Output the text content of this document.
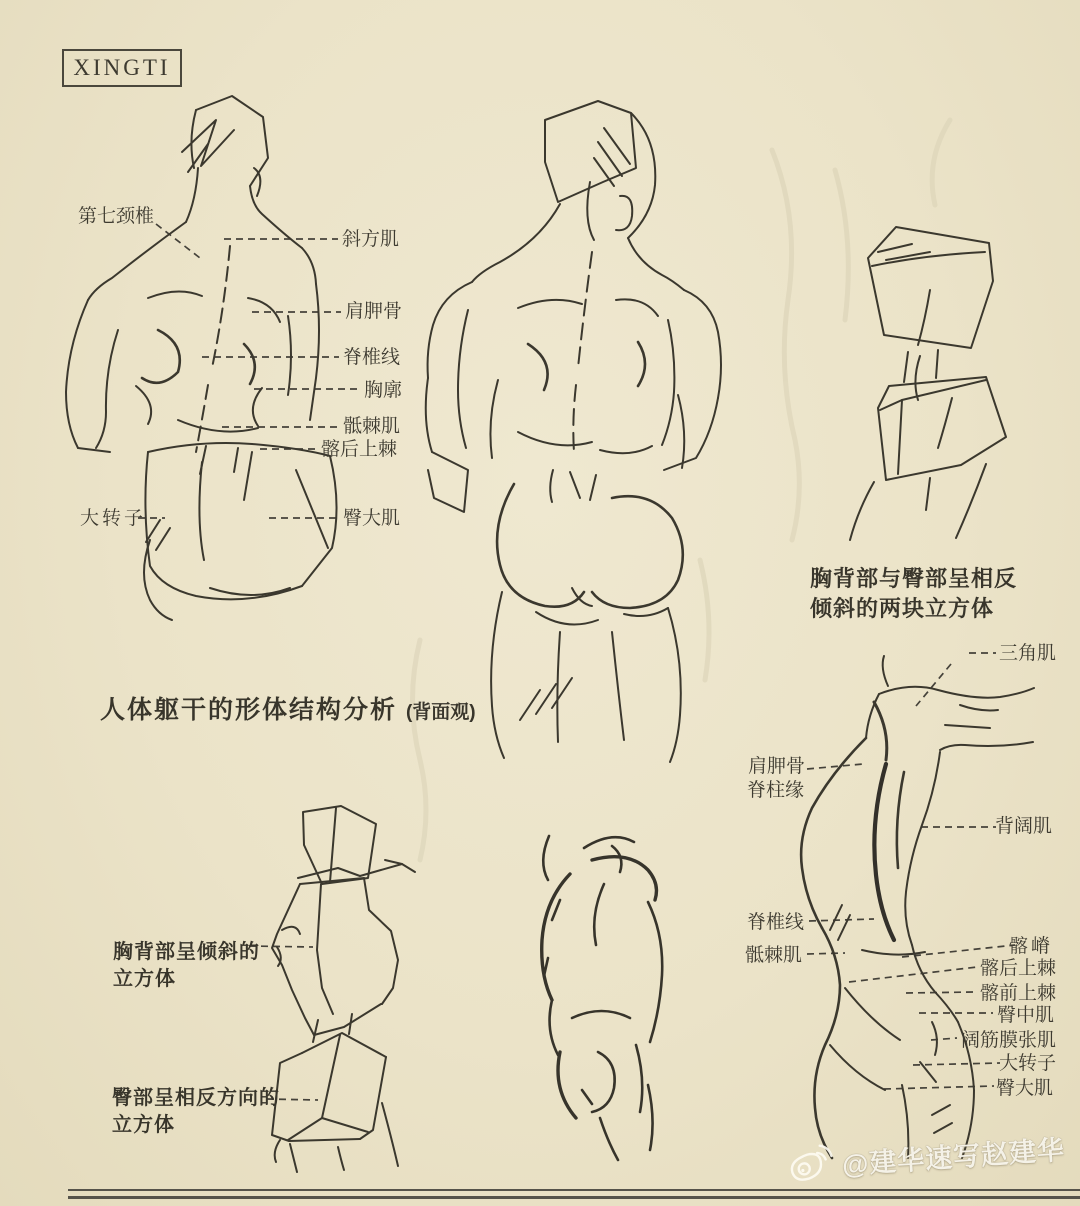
XINGTI
第七颈椎
斜方肌
肩胛骨
脊椎线
胸廓
骶棘肌
髂后上棘
大转子	臀大肌
人体躯干的形体结构分析 (背面观)
胸背部与臀部呈相反
倾斜的两块立方体
胸背部呈倾斜的
立方体
臀部呈相反方向的
立方体
肩胛骨
脊柱缘
脊椎线
骶棘肌
三角肌
背阔肌
髂嵴
髂后上棘
髂前上棘
臀中肌
阔筋膜张肌
大转子
臀大肌
@建华速写赵建华
